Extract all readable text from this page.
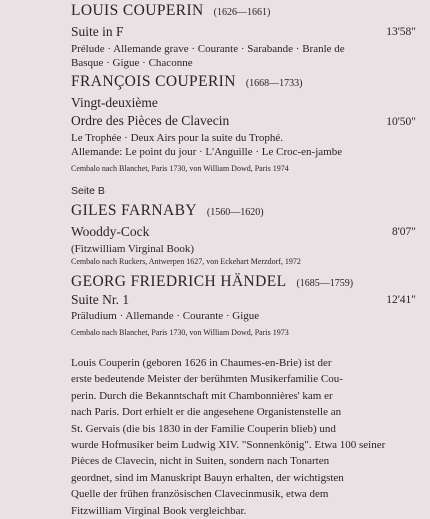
LOUIS COUPERIN (1626—1661)
Suite in F	13'58"
Prélude · Allemande grave · Courante · Sarabande · Branle de
Basque · Gigue · Chaconne
FRANÇOIS COUPERIN (1668—1733)
Vingt-deuxième
Ordre des Pièces de Clavecin	10'50"
Le Trophée · Deux Airs pour la suite du Trophé.
Allemande: Le point du jour · L'Anguille · Le Croc-en-jambe
Cembalo nach Blanchet, Paris 1730, von William Dowd, Paris 1974
Seite B
GILES FARNABY (1560—1620)
Wooddy-Cock	8'07"
(Fitzwilliam Virginal Book)
Cembalo nach Ruckers, Antwerpen 1627, von Eckehart Merzdorf, 1972
GEORG FRIEDRICH HÄNDEL (1685—1759)
Suite Nr. 1	12'41"
Präludium · Allemande · Courante · Gigue
Cembalo nach Blanchet, Paris 1730, von William Dowd, Paris 1973

Louis Couperin (geboren 1626 in Chaumes-en-Brie) ist der

erste bedeutende Meister der berühmten Musikerfamilie Cou-

perin. Durch die Bekanntschaft mit Chambonnières' kam er

nach Paris. Dort erhielt er die angesehene Organistenstelle an

St. Gervais (die bis 1830 in der Familie Couperin blieb) und

wurde Hofmusiker beim Ludwig XIV. "Sonnenkönig". Etwa 100 seiner

Pièces de Clavecin, nicht in Suiten, sondern nach Tonarten

geordnet, sind im Manuskript Bauyn erhalten, der wichtigsten

Quelle der frühen französischen Clavecinmusik, etwa dem

Fitzwilliam Virginal Book vergleichbar.
